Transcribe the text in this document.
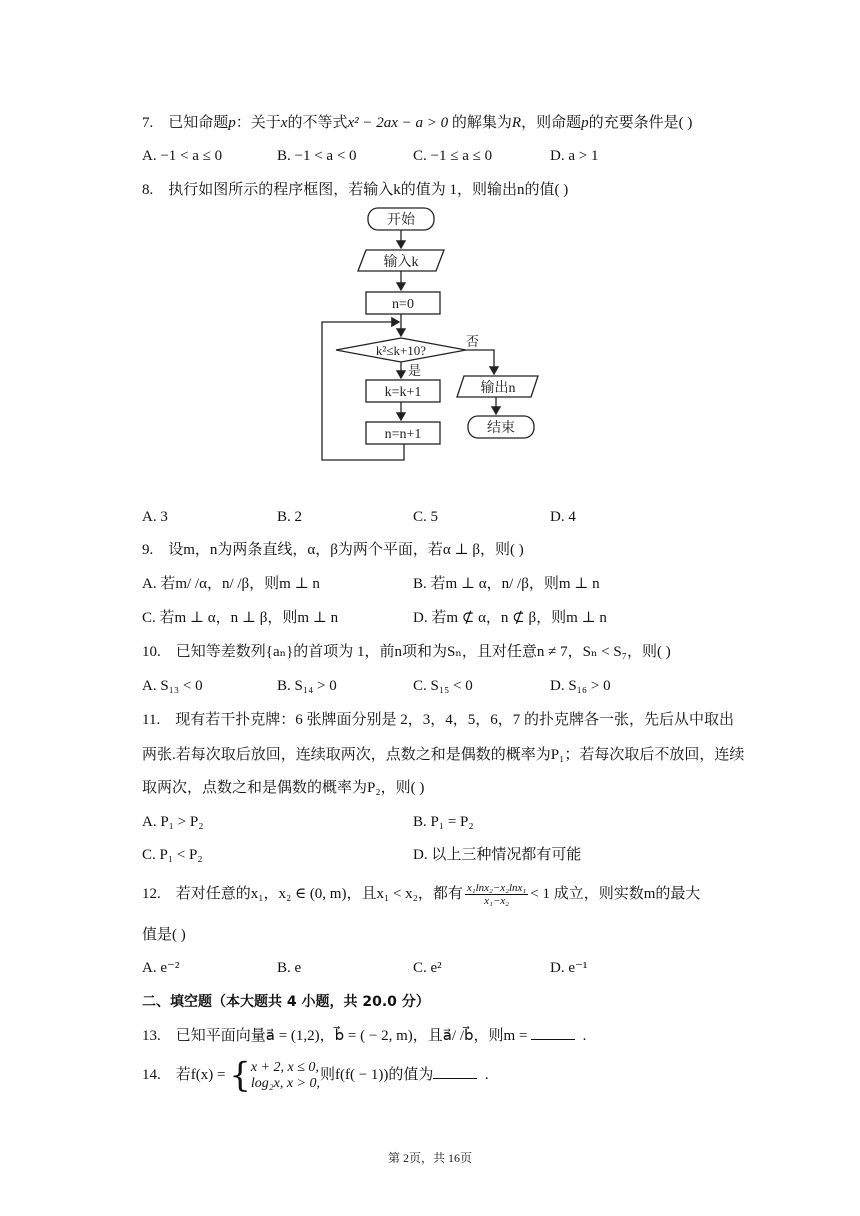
7. 已知命题p：关于x的不等式x² − 2ax − a > 0 的解集为R，则命题p的充要条件是( )
A. −1 < a ≤ 0	B. −1 < a < 0	C. −1 ≤ a ≤ 0	D. a > 1
8. 执行如图所示的程序框图，若输入k的值为 1，则输出n的值( )
开始
输入k
n=0
k²≤k+10?
否
是
k=k+1
n=n+1
输出n
结束
A. 3	B. 2	C. 5	D. 4
9. 设m，n为两条直线，α，β为两个平面，若α ⊥ β，则( )
A. 若m/ /α，n/ /β，则m ⊥ n	B. 若m ⊥ α，n/ /β，则m ⊥ n
C. 若m ⊥ α，n ⊥ β，则m ⊥ n	D. 若m ⊄ α，n ⊄ β，则m ⊥ n
10. 已知等差数列{aₙ}的首项为 1，前n项和为Sₙ，且对任意n ≠ 7，Sₙ < S₇，则( )
A. S₁₃ < 0	B. S₁₄ > 0	C. S₁₅ < 0	D. S₁₆ > 0
11. 现有若干扑克牌：6 张牌面分别是 2，3，4，5，6，7 的扑克牌各一张，先后从中取出
两张.若每次取后放回，连续取两次，点数之和是偶数的概率为P₁；若每次取后不放回，连续
取两次，点数之和是偶数的概率为P₂，则( )
A. P₁ > P₂	B. P₁ = P₂
C. P₁ < P₂	D. 以上三种情况都有可能
12. 若对任意的x₁，x₂ ∈ (0, m)，且x₁ < x₂，都有 $\frac{\text{x₁lnx₂−x₂lnx₁}}{\text{x₁−x₂}} < 1$ 成立，则实数m的最大
值是( )
A. e⁻²	B. e	C. e²	D. e⁻¹
二、填空题（本大题共 4 小题，共 20.0 分）
13. 已知平面向量a⃗ = (1,2)，b⃗ = ( − 2, m)，且a⃗/ /b⃗，则m =	.
14. 若f(x) = { x + 2, x ≤ 0,
log₂x, x > 0,
则f(f( − 1))的值为	.
第 2页，共 16页
